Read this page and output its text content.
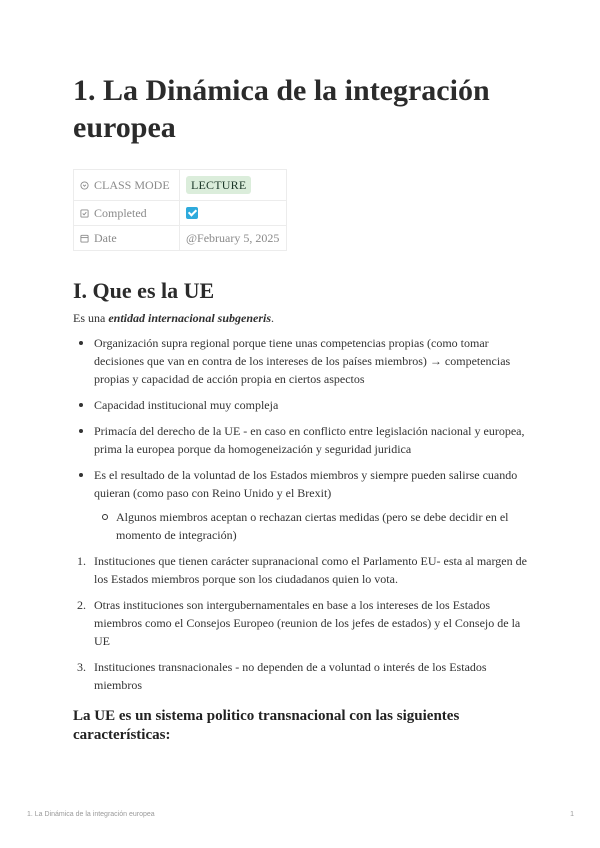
1. La Dinámica de la integración europea
CLASS MODE	LECTURE
Completed	
Date	@February 5, 2025
I. Que es la UE
Es una entidad internacional subgeneris.
Organización supra regional porque tiene unas competencias propias (como tomar decisiones que van en contra de los intereses de los países miembros) → competencias propias y capacidad de acción propia en ciertos aspectos
Capacidad institucional muy compleja
Primacía del derecho de la UE - en caso en conflicto entre legislación nacional y europea, prima la europea porque da homogeneización y seguridad juridica
Es el resultado de la voluntad de los Estados miembros y siempre pueden salirse cuando quieran (como paso con Reino Unido y el Brexit)
Algunos miembros aceptan o rechazan ciertas medidas (pero se debe decidir en el momento de integración)
1. Instituciones que tienen carácter supranacional como el Parlamento EU- esta al margen de los Estados miembros porque son los ciudadanos quien lo vota.
2. Otras instituciones son intergubernamentales en base a los intereses de los Estados miembros como el Consejos Europeo (reunion de los jefes de estados) y el Consejo de la UE
3. Instituciones transnacionales - no dependen de a voluntad o interés de los Estados miembros
La UE es un sistema politico transnacional con las siguientes características:
1. La Dinámica de la integración europea	1
